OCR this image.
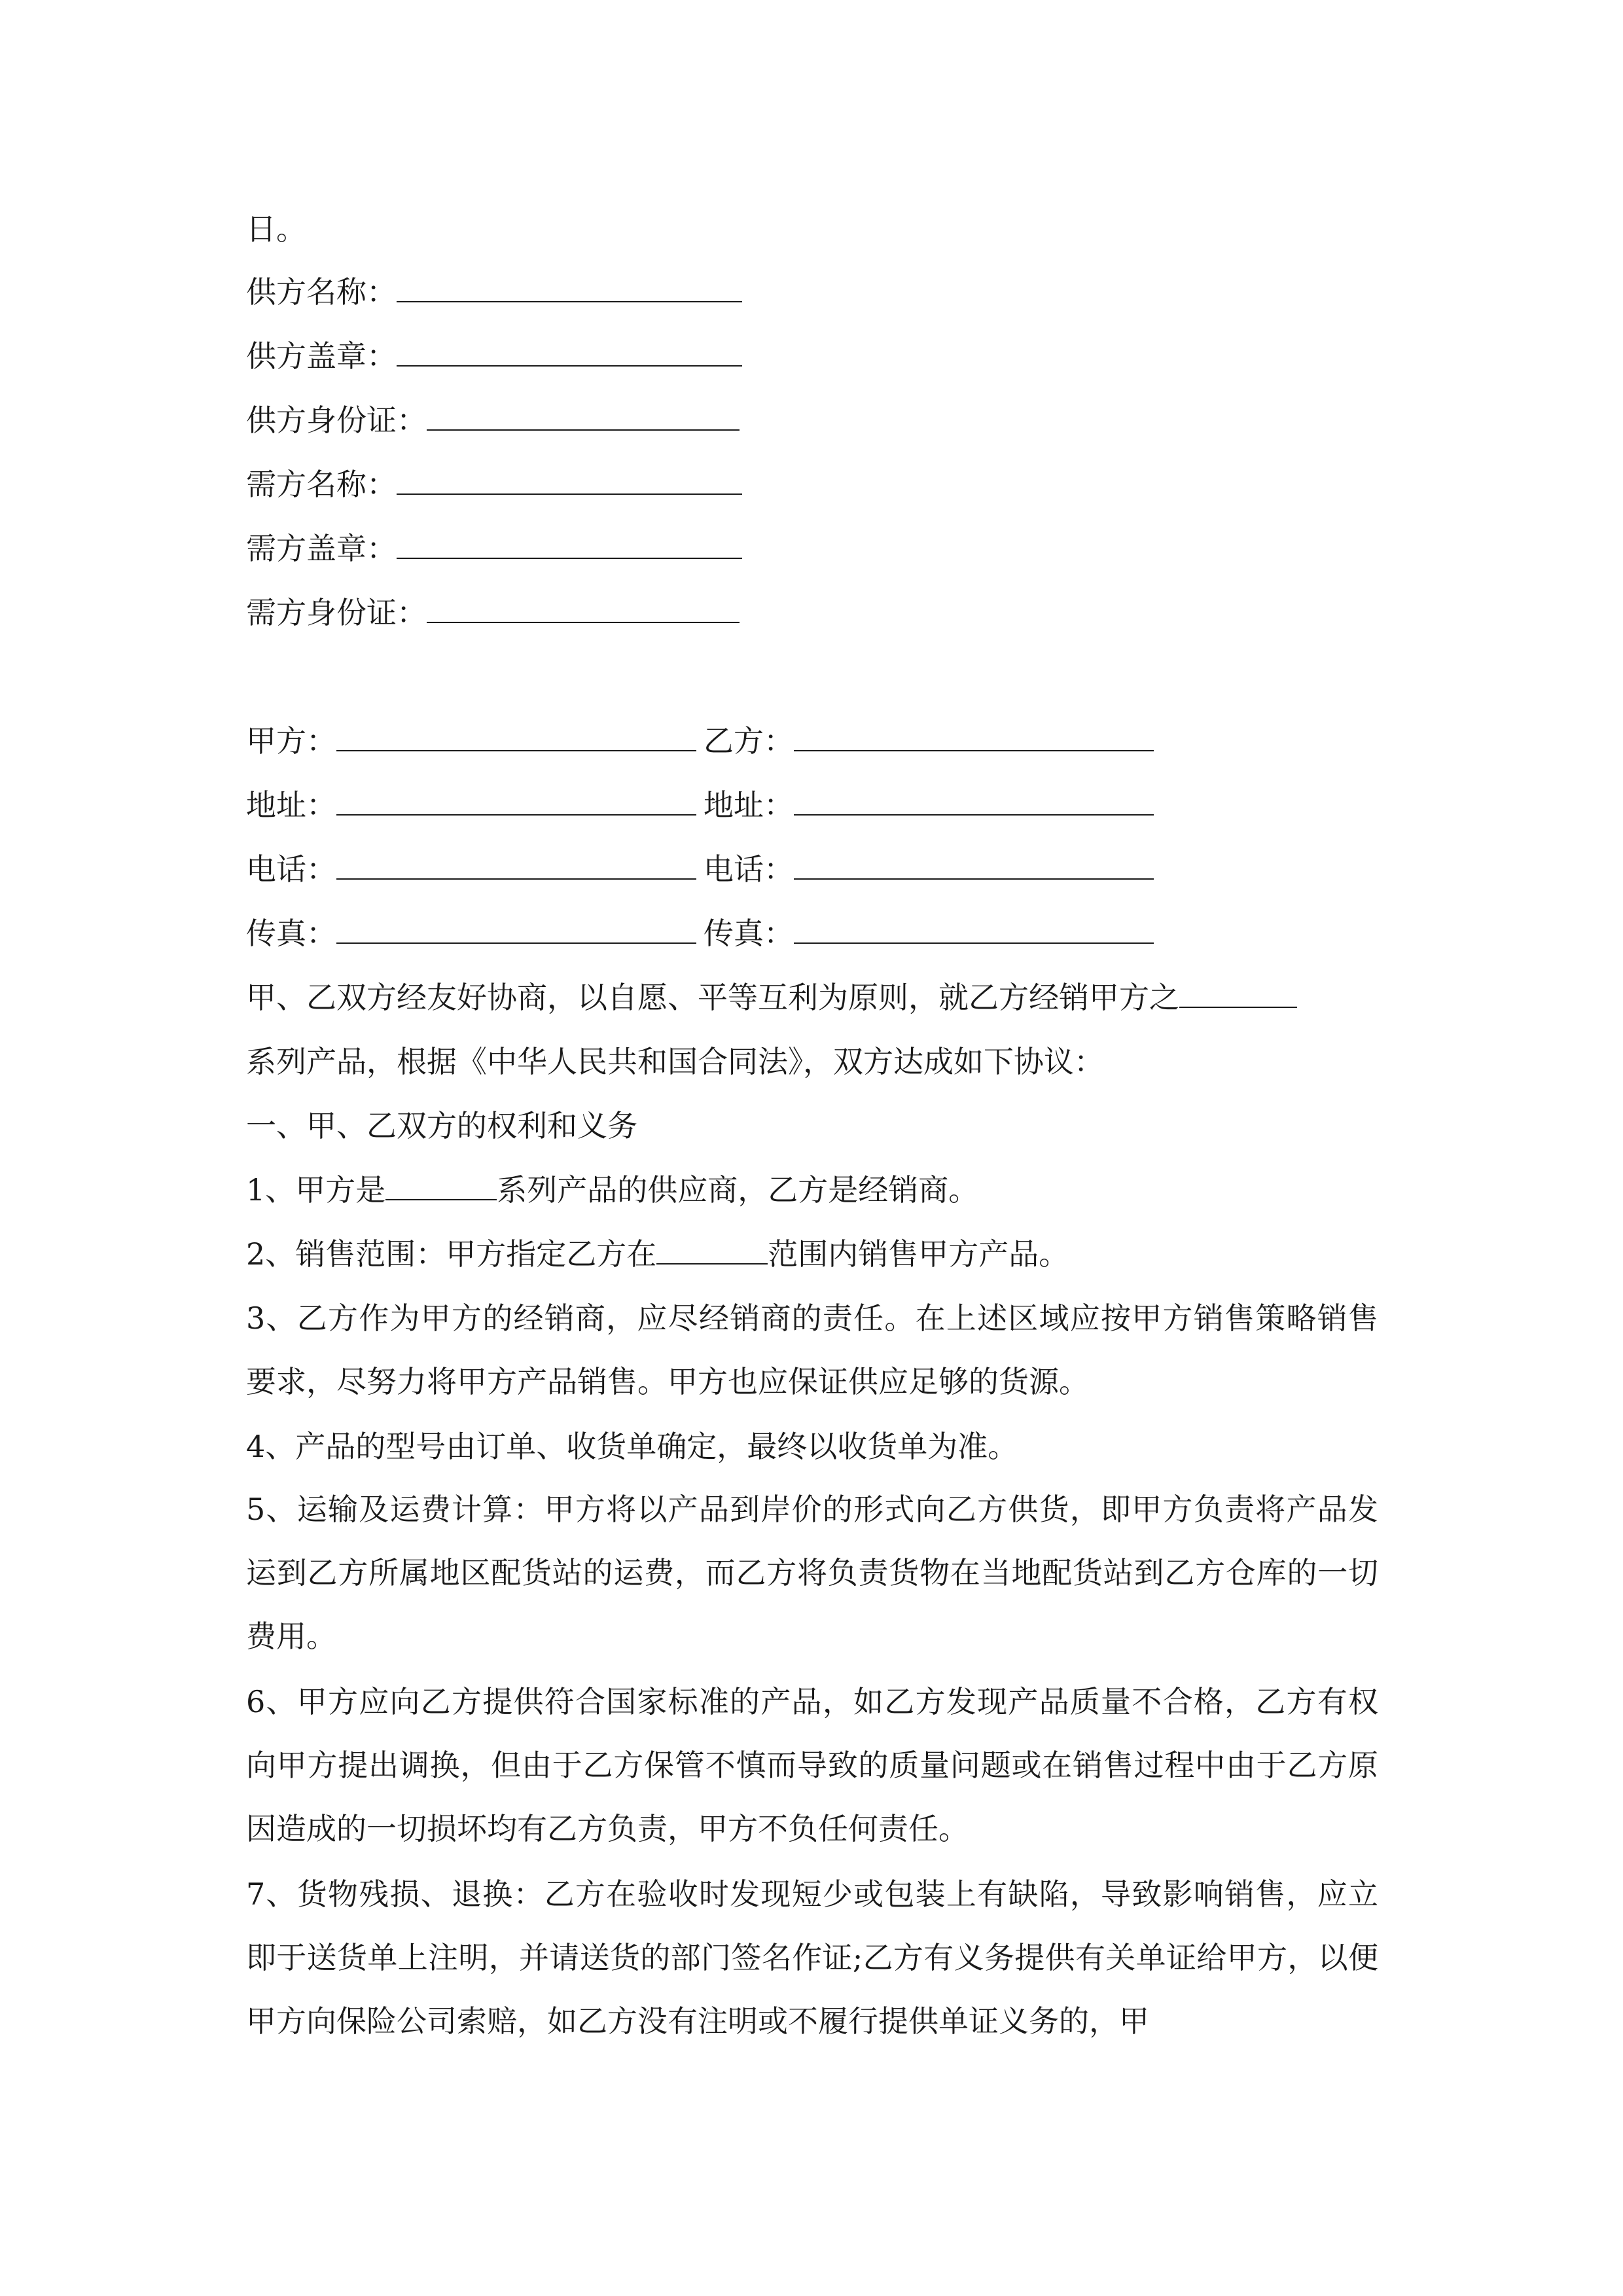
日。
供方名称：
供方盖章：
供方身份证：
需方名称：
需方盖章：
需方身份证：
甲方：	乙方：
地址：	地址：
电话：	电话：
传真：	传真：
甲、乙双方经友好协商，以自愿、平等互利为原则，就乙方经销甲方之
系列产品，根据《中华人民共和国合同法》，双方达成如下协议：
一、甲、乙双方的权利和义务
1、甲方是	系列产品的供应商，乙方是经销商。
2、销售范围：甲方指定乙方在	范围内销售甲方产品。
3、乙方作为甲方的经销商，应尽经销商的责任。在上述区域应按甲方销售策略销售要求，尽努力将甲方产品销售。甲方也应保证供应足够的货源。
4、产品的型号由订单、收货单确定，最终以收货单为准。
5、运输及运费计算：甲方将以产品到岸价的形式向乙方供货，即甲方负责将产品发运到乙方所属地区配货站的运费，而乙方将负责货物在当地配货站到乙方仓库的一切费用。
6、甲方应向乙方提供符合国家标准的产品，如乙方发现产品质量不合格，乙方有权向甲方提出调换，但由于乙方保管不慎而导致的质量问题或在销售过程中由于乙方原因造成的一切损坏均有乙方负责，甲方不负任何责任。
7、货物残损、退换：乙方在验收时发现短少或包装上有缺陷，导致影响销售，应立即于送货单上注明，并请送货的部门签名作证;乙方有义务提供有关单证给甲方，以便甲方向保险公司索赔，如乙方没有注明或不履行提供单证义务的，甲
